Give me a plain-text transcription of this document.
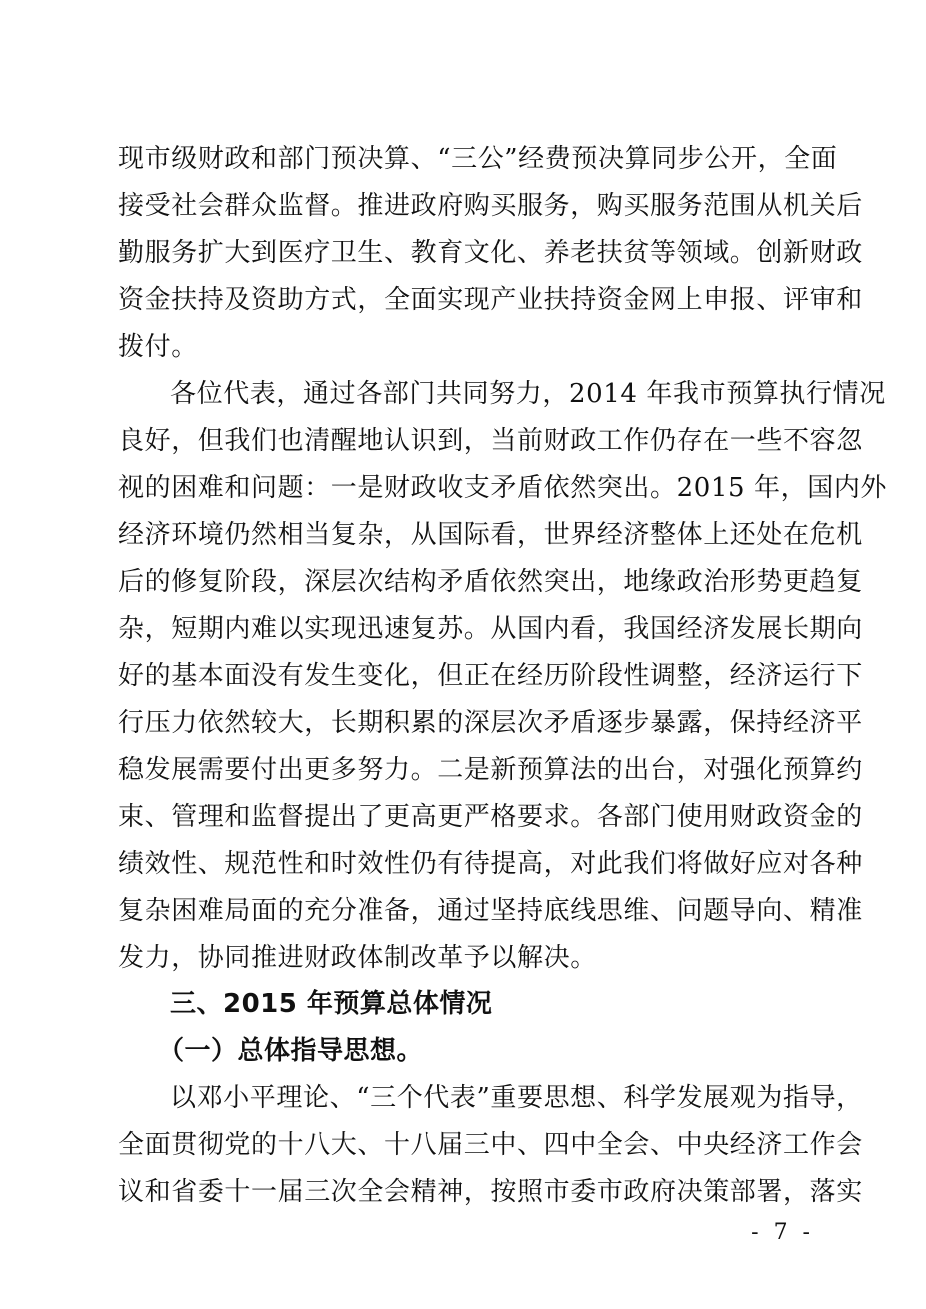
现市级财政和部门预决算、“三公”经费预决算同步公开，全面
接受社会群众监督。推进政府购买服务，购买服务范围从机关后
勤服务扩大到医疗卫生、教育文化、养老扶贫等领域。创新财政
资金扶持及资助方式，全面实现产业扶持资金网上申报、评审和
拨付。
各位代表，通过各部门共同努力，2014 年我市预算执行情况
良好，但我们也清醒地认识到，当前财政工作仍存在一些不容忽
视的困难和问题：一是财政收支矛盾依然突出。2015 年，国内外
经济环境仍然相当复杂，从国际看，世界经济整体上还处在危机
后的修复阶段，深层次结构矛盾依然突出，地缘政治形势更趋复
杂，短期内难以实现迅速复苏。从国内看，我国经济发展长期向
好的基本面没有发生变化，但正在经历阶段性调整，经济运行下
行压力依然较大，长期积累的深层次矛盾逐步暴露，保持经济平
稳发展需要付出更多努力。二是新预算法的出台，对强化预算约
束、管理和监督提出了更高更严格要求。各部门使用财政资金的
绩效性、规范性和时效性仍有待提高，对此我们将做好应对各种
复杂困难局面的充分准备，通过坚持底线思维、问题导向、精准
发力，协同推进财政体制改革予以解决。
三、2015 年预算总体情况
（一）总体指导思想。
以邓小平理论、“三个代表”重要思想、科学发展观为指导，
全面贯彻党的十八大、十八届三中、四中全会、中央经济工作会
议和省委十一届三次全会精神，按照市委市政府决策部署，落实
- 7 -
